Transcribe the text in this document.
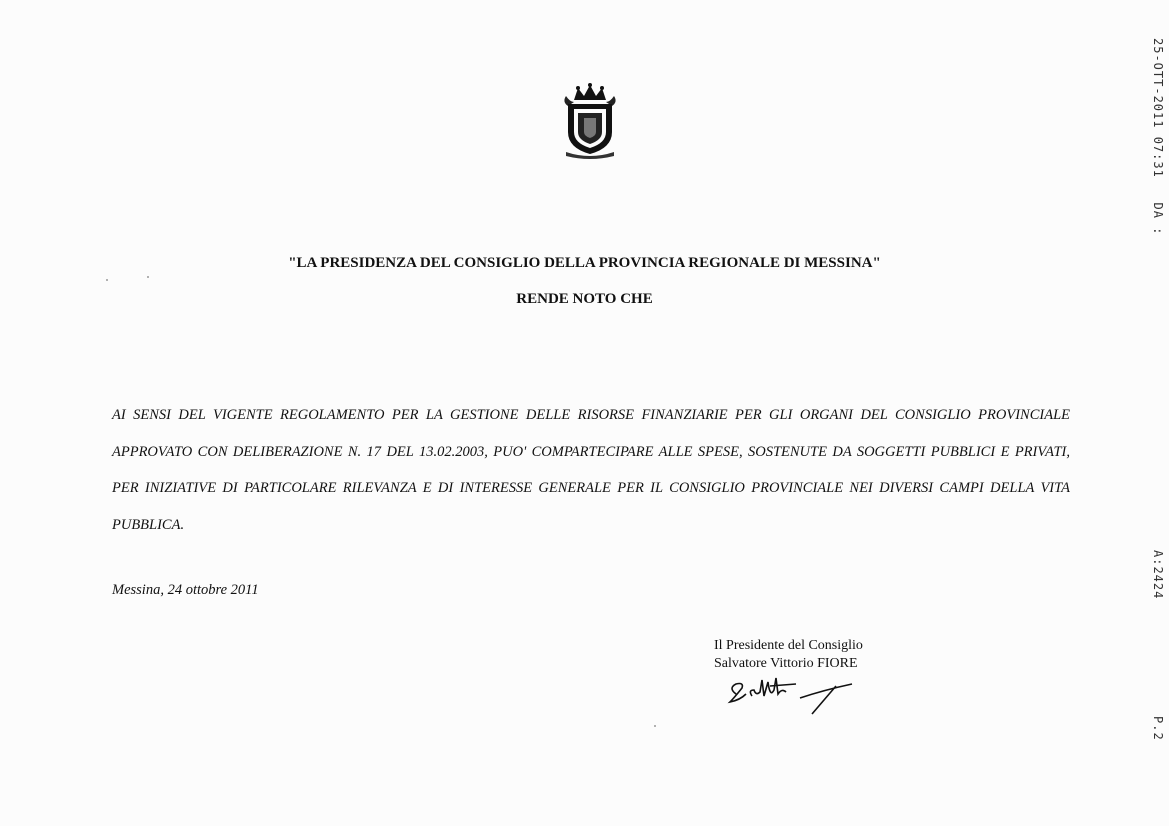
25-OTT-2011 07:31   DA :
A:2424
P.2
"LA PRESIDENZA DEL CONSIGLIO DELLA PROVINCIA REGIONALE DI MESSINA"
RENDE NOTO CHE
AI SENSI DEL VIGENTE REGOLAMENTO PER LA GESTIONE DELLE RISORSE FINANZIARIE PER GLI ORGANI DEL CONSIGLIO PROVINCIALE APPROVATO CON DELIBERAZIONE N. 17 DEL 13.02.2003, PUO' COMPARTECIPARE ALLE SPESE, SOSTENUTE DA SOGGETTI PUBBLICI E PRIVATI, PER INIZIATIVE DI PARTICOLARE RILEVANZA E DI INTERESSE GENERALE PER IL CONSIGLIO PROVINCIALE NEI DIVERSI CAMPI DELLA VITA PUBBLICA.
Messina, 24 ottobre 2011
Il Presidente del Consiglio
Salvatore Vittorio FIORE
